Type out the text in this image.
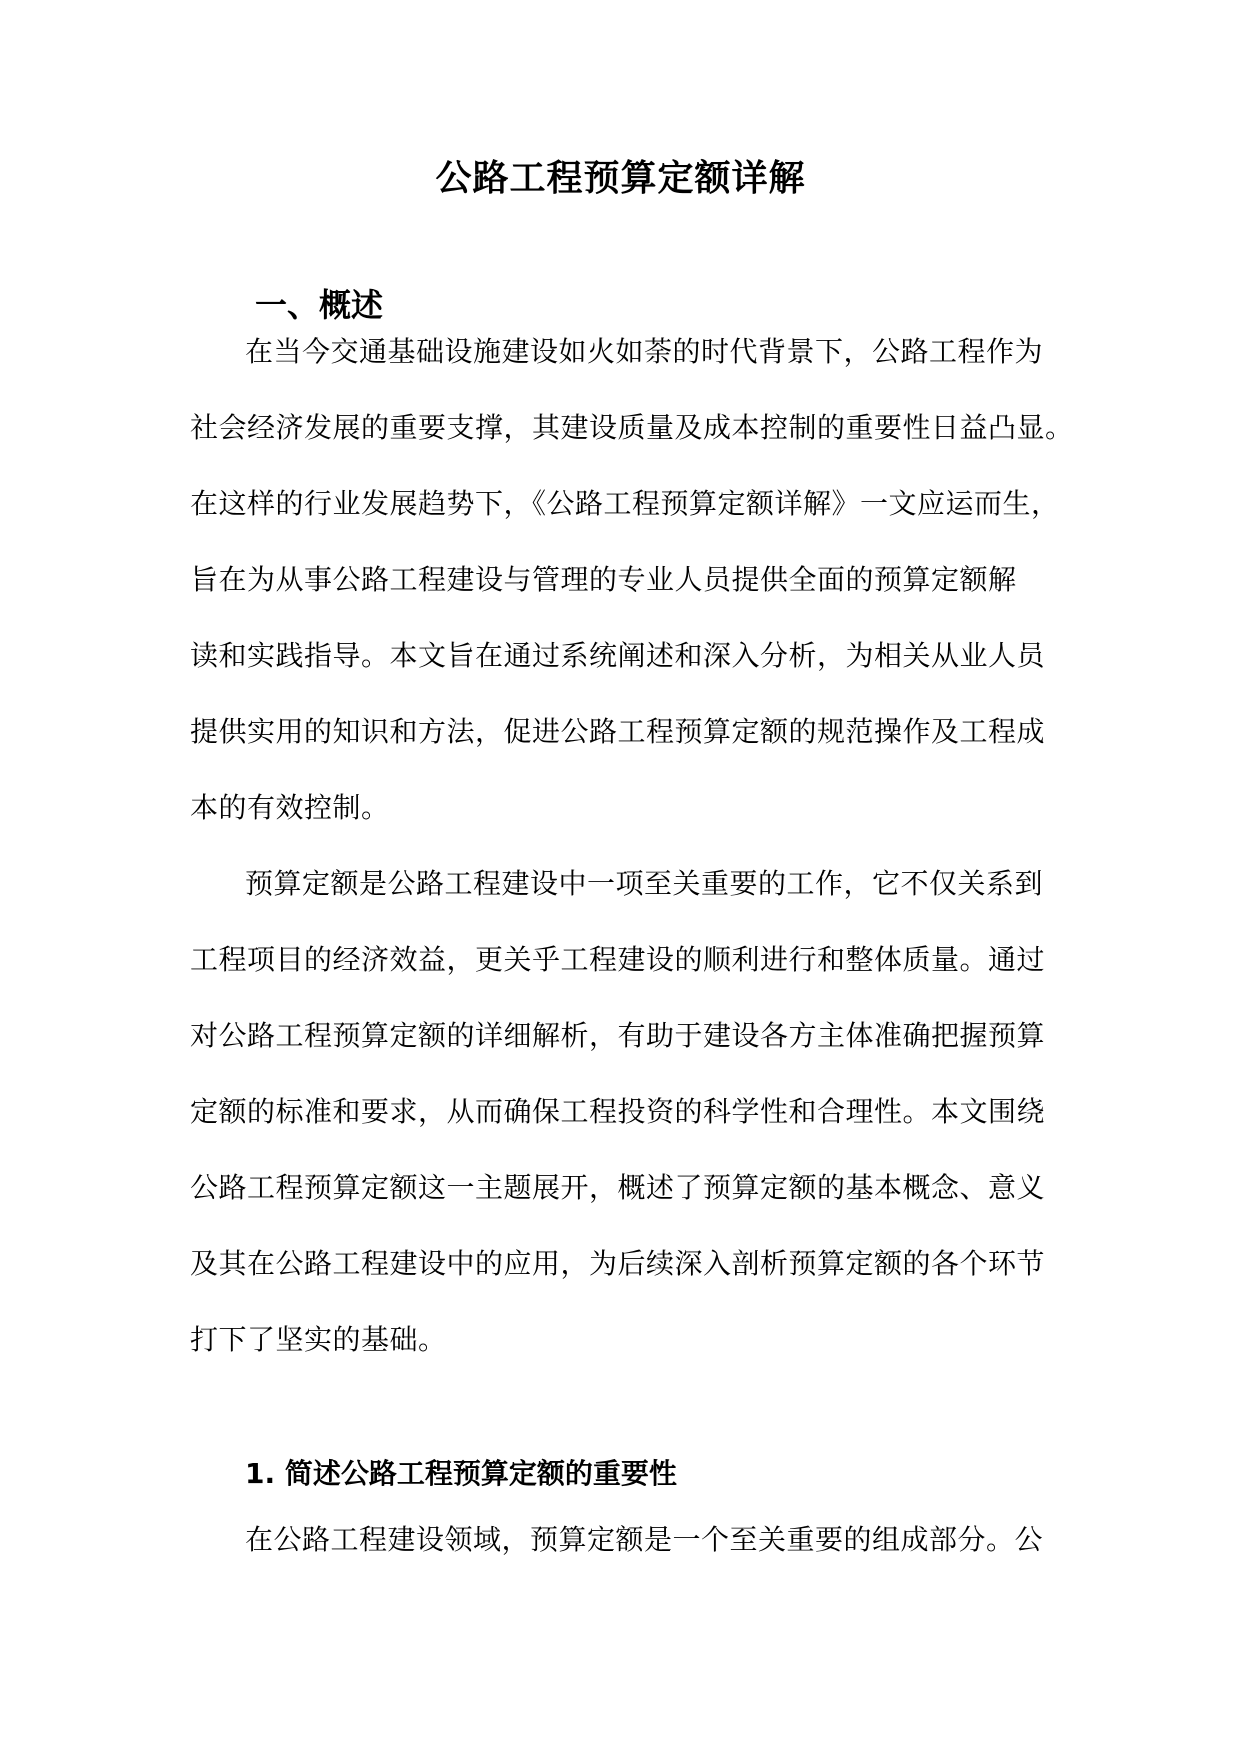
公路工程预算定额详解
一、概述
在当今交通基础设施建设如火如荼的时代背景下，公路工程作为
社会经济发展的重要支撑，其建设质量及成本控制的重要性日益凸显。
在这样的行业发展趋势下，《公路工程预算定额详解》一文应运而生，
旨在为从事公路工程建设与管理的专业人员提供全面的预算定额解
读和实践指导。本文旨在通过系统阐述和深入分析，为相关从业人员
提供实用的知识和方法，促进公路工程预算定额的规范操作及工程成
本的有效控制。
预算定额是公路工程建设中一项至关重要的工作，它不仅关系到
工程项目的经济效益，更关乎工程建设的顺利进行和整体质量。通过
对公路工程预算定额的详细解析，有助于建设各方主体准确把握预算
定额的标准和要求，从而确保工程投资的科学性和合理性。本文围绕
公路工程预算定额这一主题展开，概述了预算定额的基本概念、意义
及其在公路工程建设中的应用，为后续深入剖析预算定额的各个环节
打下了坚实的基础。
1. 简述公路工程预算定额的重要性
在公路工程建设领域，预算定额是一个至关重要的组成部分。公
